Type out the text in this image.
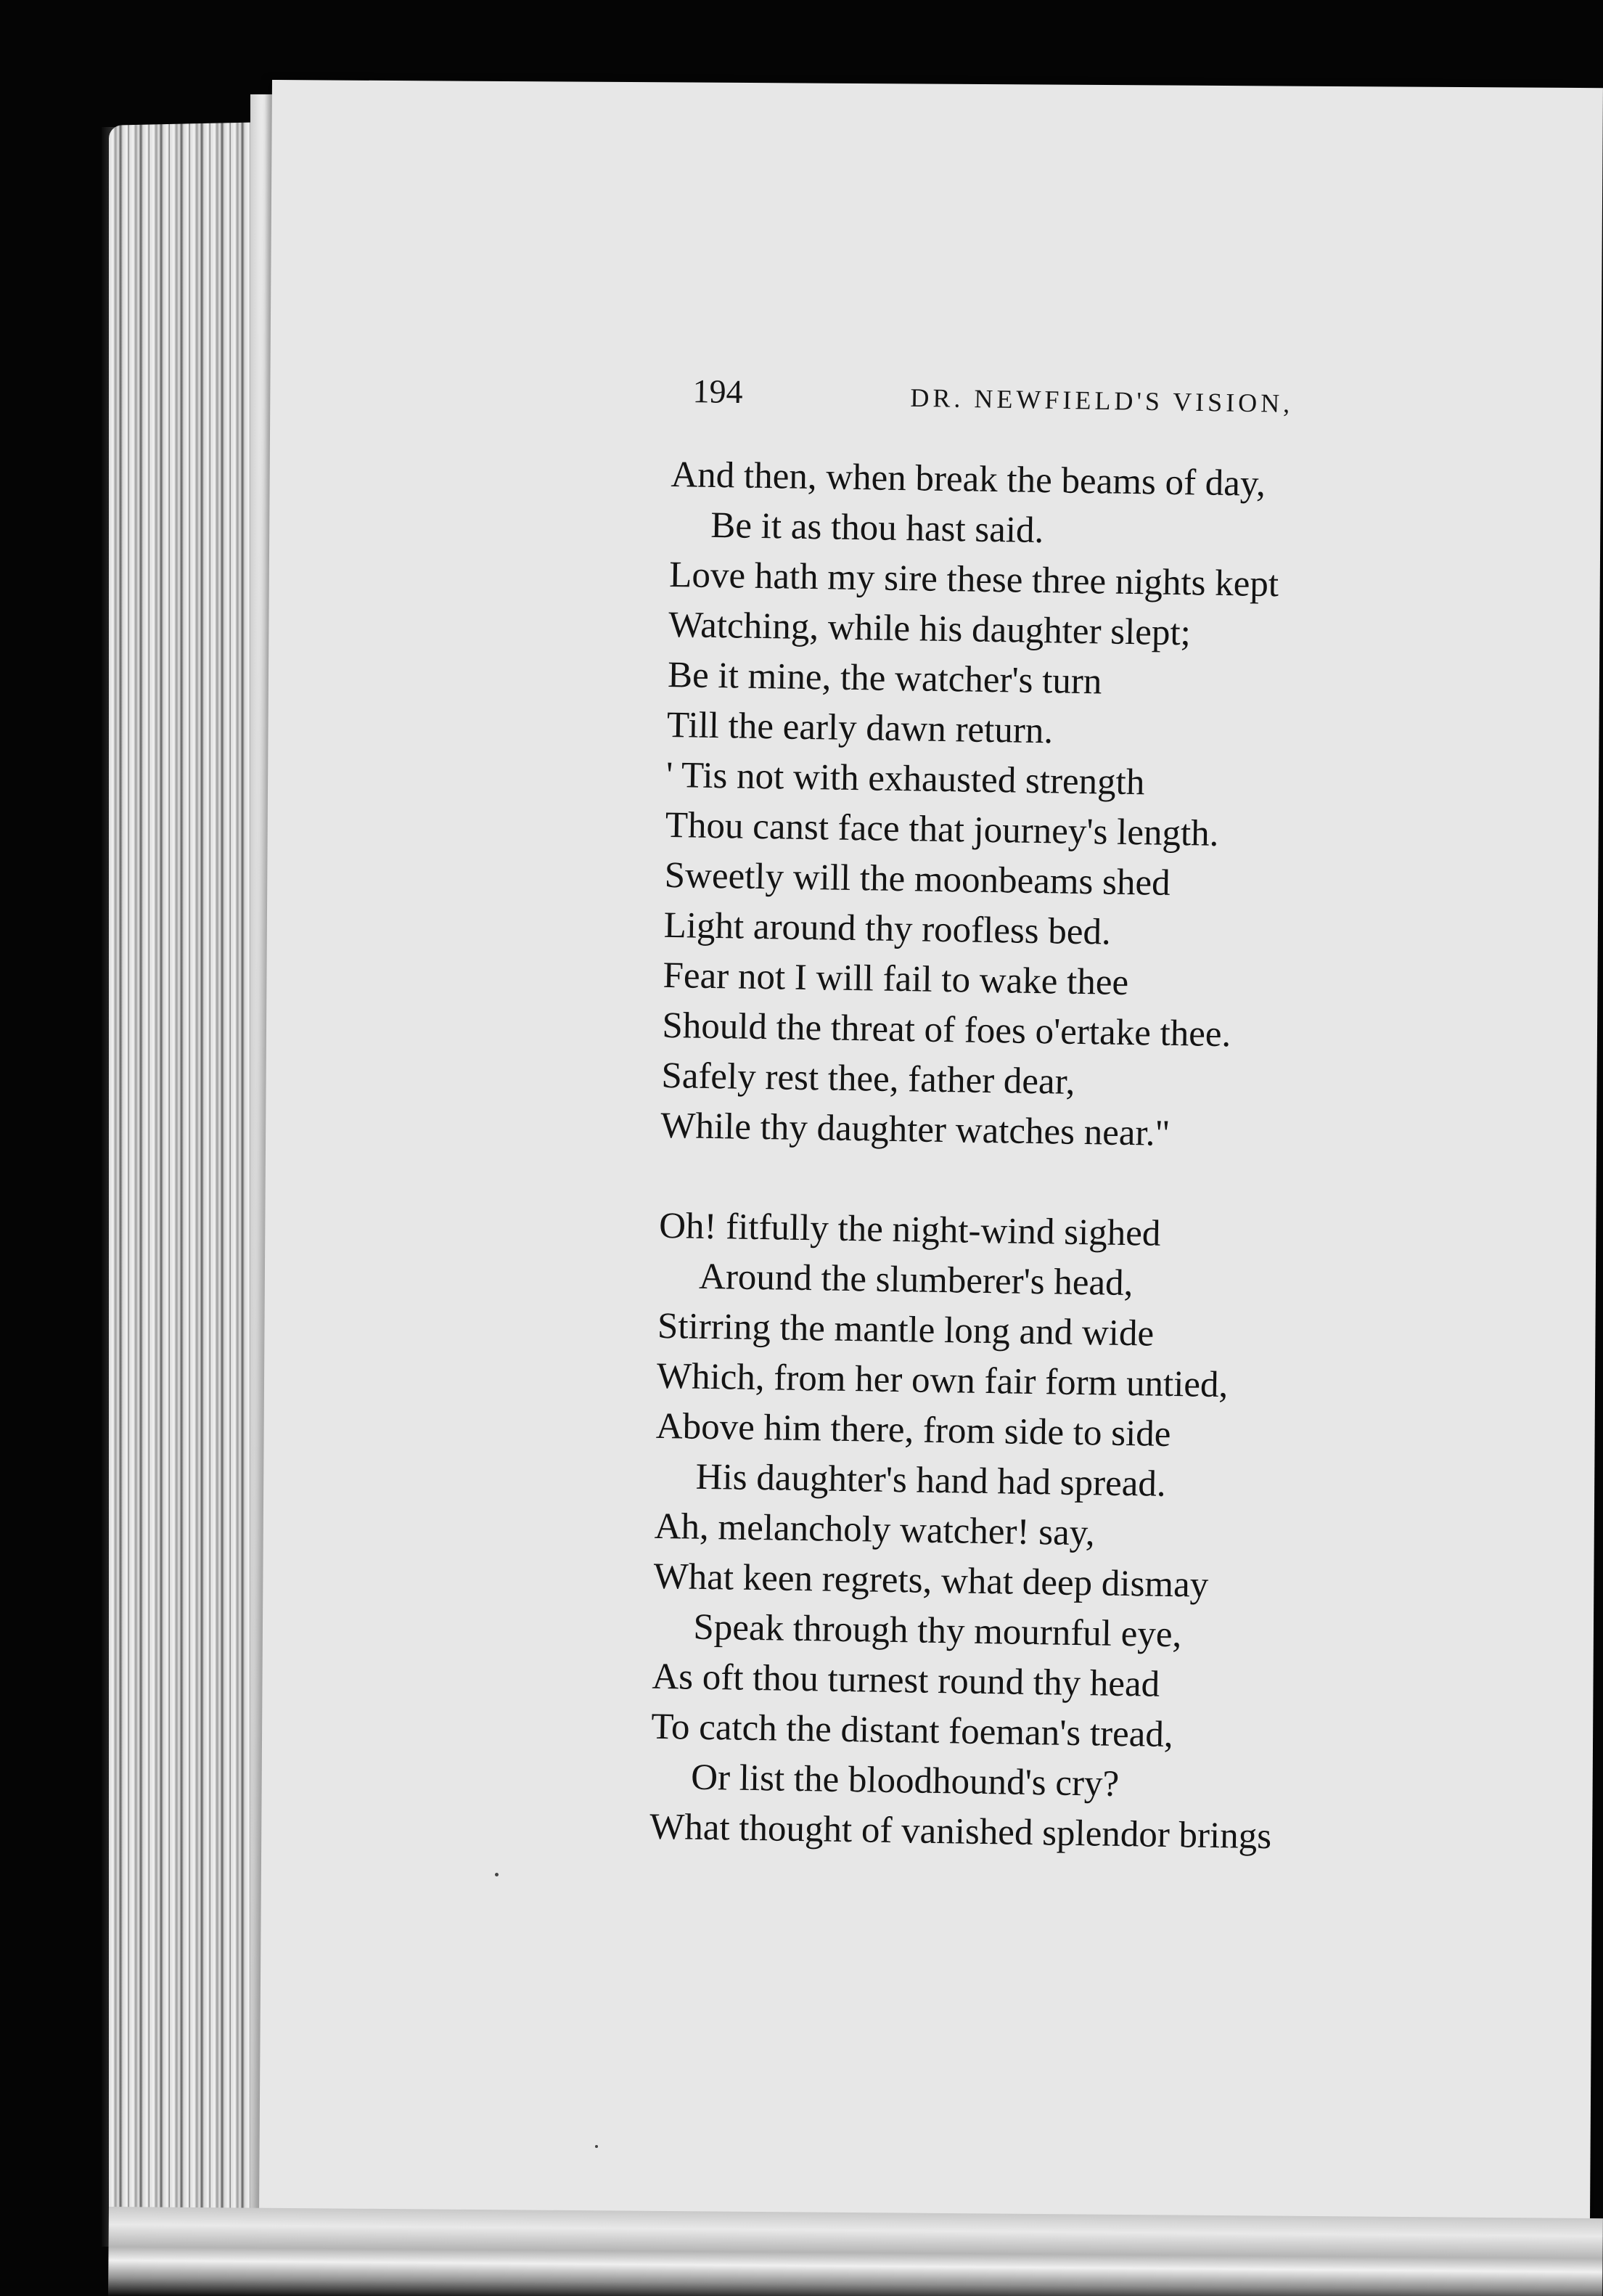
194	DR. NEWFIELD'S VISION,
And then, when break the beams of day,
Be it as thou hast said.
Love hath my sire these three nights kept
Watching, while his daughter slept;
Be it mine, the watcher's turn
Till the early dawn return.
' Tis not with exhausted strength
Thou canst face that journey's length.
Sweetly will the moonbeams shed
Light around thy roofless bed.
Fear not I will fail to wake thee
Should the threat of foes o'ertake thee.
Safely rest thee, father dear,
While thy daughter watches near."
Oh! fitfully the night-wind sighed
Around the slumberer's head,
Stirring the mantle long and wide
Which, from her own fair form untied,
Above him there, from side to side
His daughter's hand had spread.
Ah, melancholy watcher! say,
What keen regrets, what deep dismay
Speak through thy mournful eye,
As oft thou turnest round thy head
To catch the distant foeman's tread,
Or list the bloodhound's cry?
What thought of vanished splendor brings
